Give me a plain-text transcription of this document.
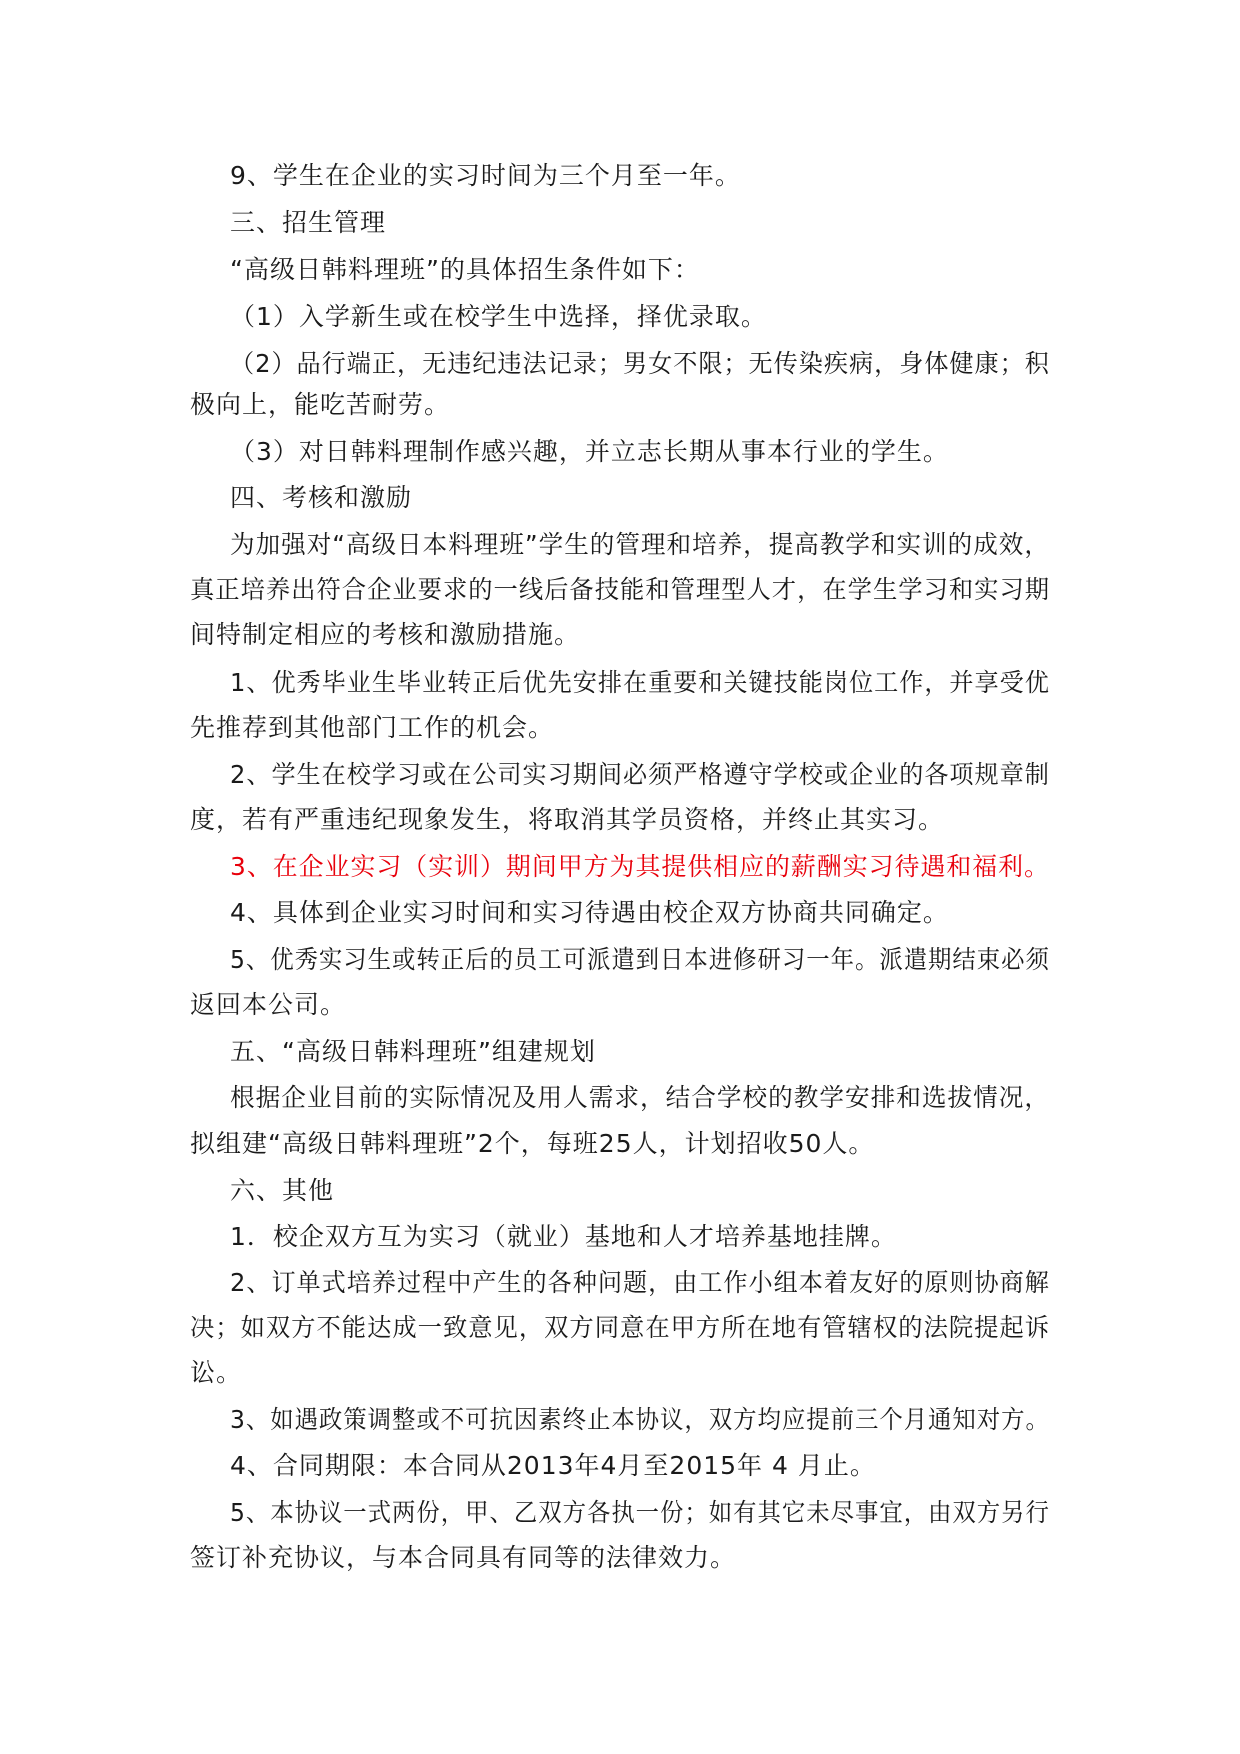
9、学生在企业的实习时间为三个月至一年。
三、招生管理
“高级日韩料理班”的具体招生条件如下：
（1）入学新生或在校学生中选择，择优录取。
（2）品行端正，无违纪违法记录；男女不限；无传染疾病，身体健康；积
极向上，能吃苦耐劳。
（3）对日韩料理制作感兴趣，并立志长期从事本行业的学生。
四、考核和激励
为加强对“高级日本料理班”学生的管理和培养，提高教学和实训的成效，
真正培养出符合企业要求的一线后备技能和管理型人才，在学生学习和实习期
间特制定相应的考核和激励措施。
1、优秀毕业生毕业转正后优先安排在重要和关键技能岗位工作，并享受优
先推荐到其他部门工作的机会。
2、学生在校学习或在公司实习期间必须严格遵守学校或企业的各项规章制
度，若有严重违纪现象发生，将取消其学员资格，并终止其实习。
3、在企业实习（实训）期间甲方为其提供相应的薪酬实习待遇和福利。
4、具体到企业实习时间和实习待遇由校企双方协商共同确定。
5、优秀实习生或转正后的员工可派遣到日本进修研习一年。派遣期结束必须
返回本公司。
五、“高级日韩料理班”组建规划
根据企业目前的实际情况及用人需求，结合学校的教学安排和选拔情况，
拟组建“高级日韩料理班”2个，每班25人，计划招收50人。
六、其他
1．校企双方互为实习（就业）基地和人才培养基地挂牌。
2、订单式培养过程中产生的各种问题，由工作小组本着友好的原则协商解
决；如双方不能达成一致意见，双方同意在甲方所在地有管辖权的法院提起诉
讼。
3、如遇政策调整或不可抗因素终止本协议，双方均应提前三个月通知对方。
4、合同期限：本合同从2013年4月至2015年 4 月止。
5、本协议一式两份，甲、乙双方各执一份；如有其它未尽事宜，由双方另行
签订补充协议，与本合同具有同等的法律效力。
